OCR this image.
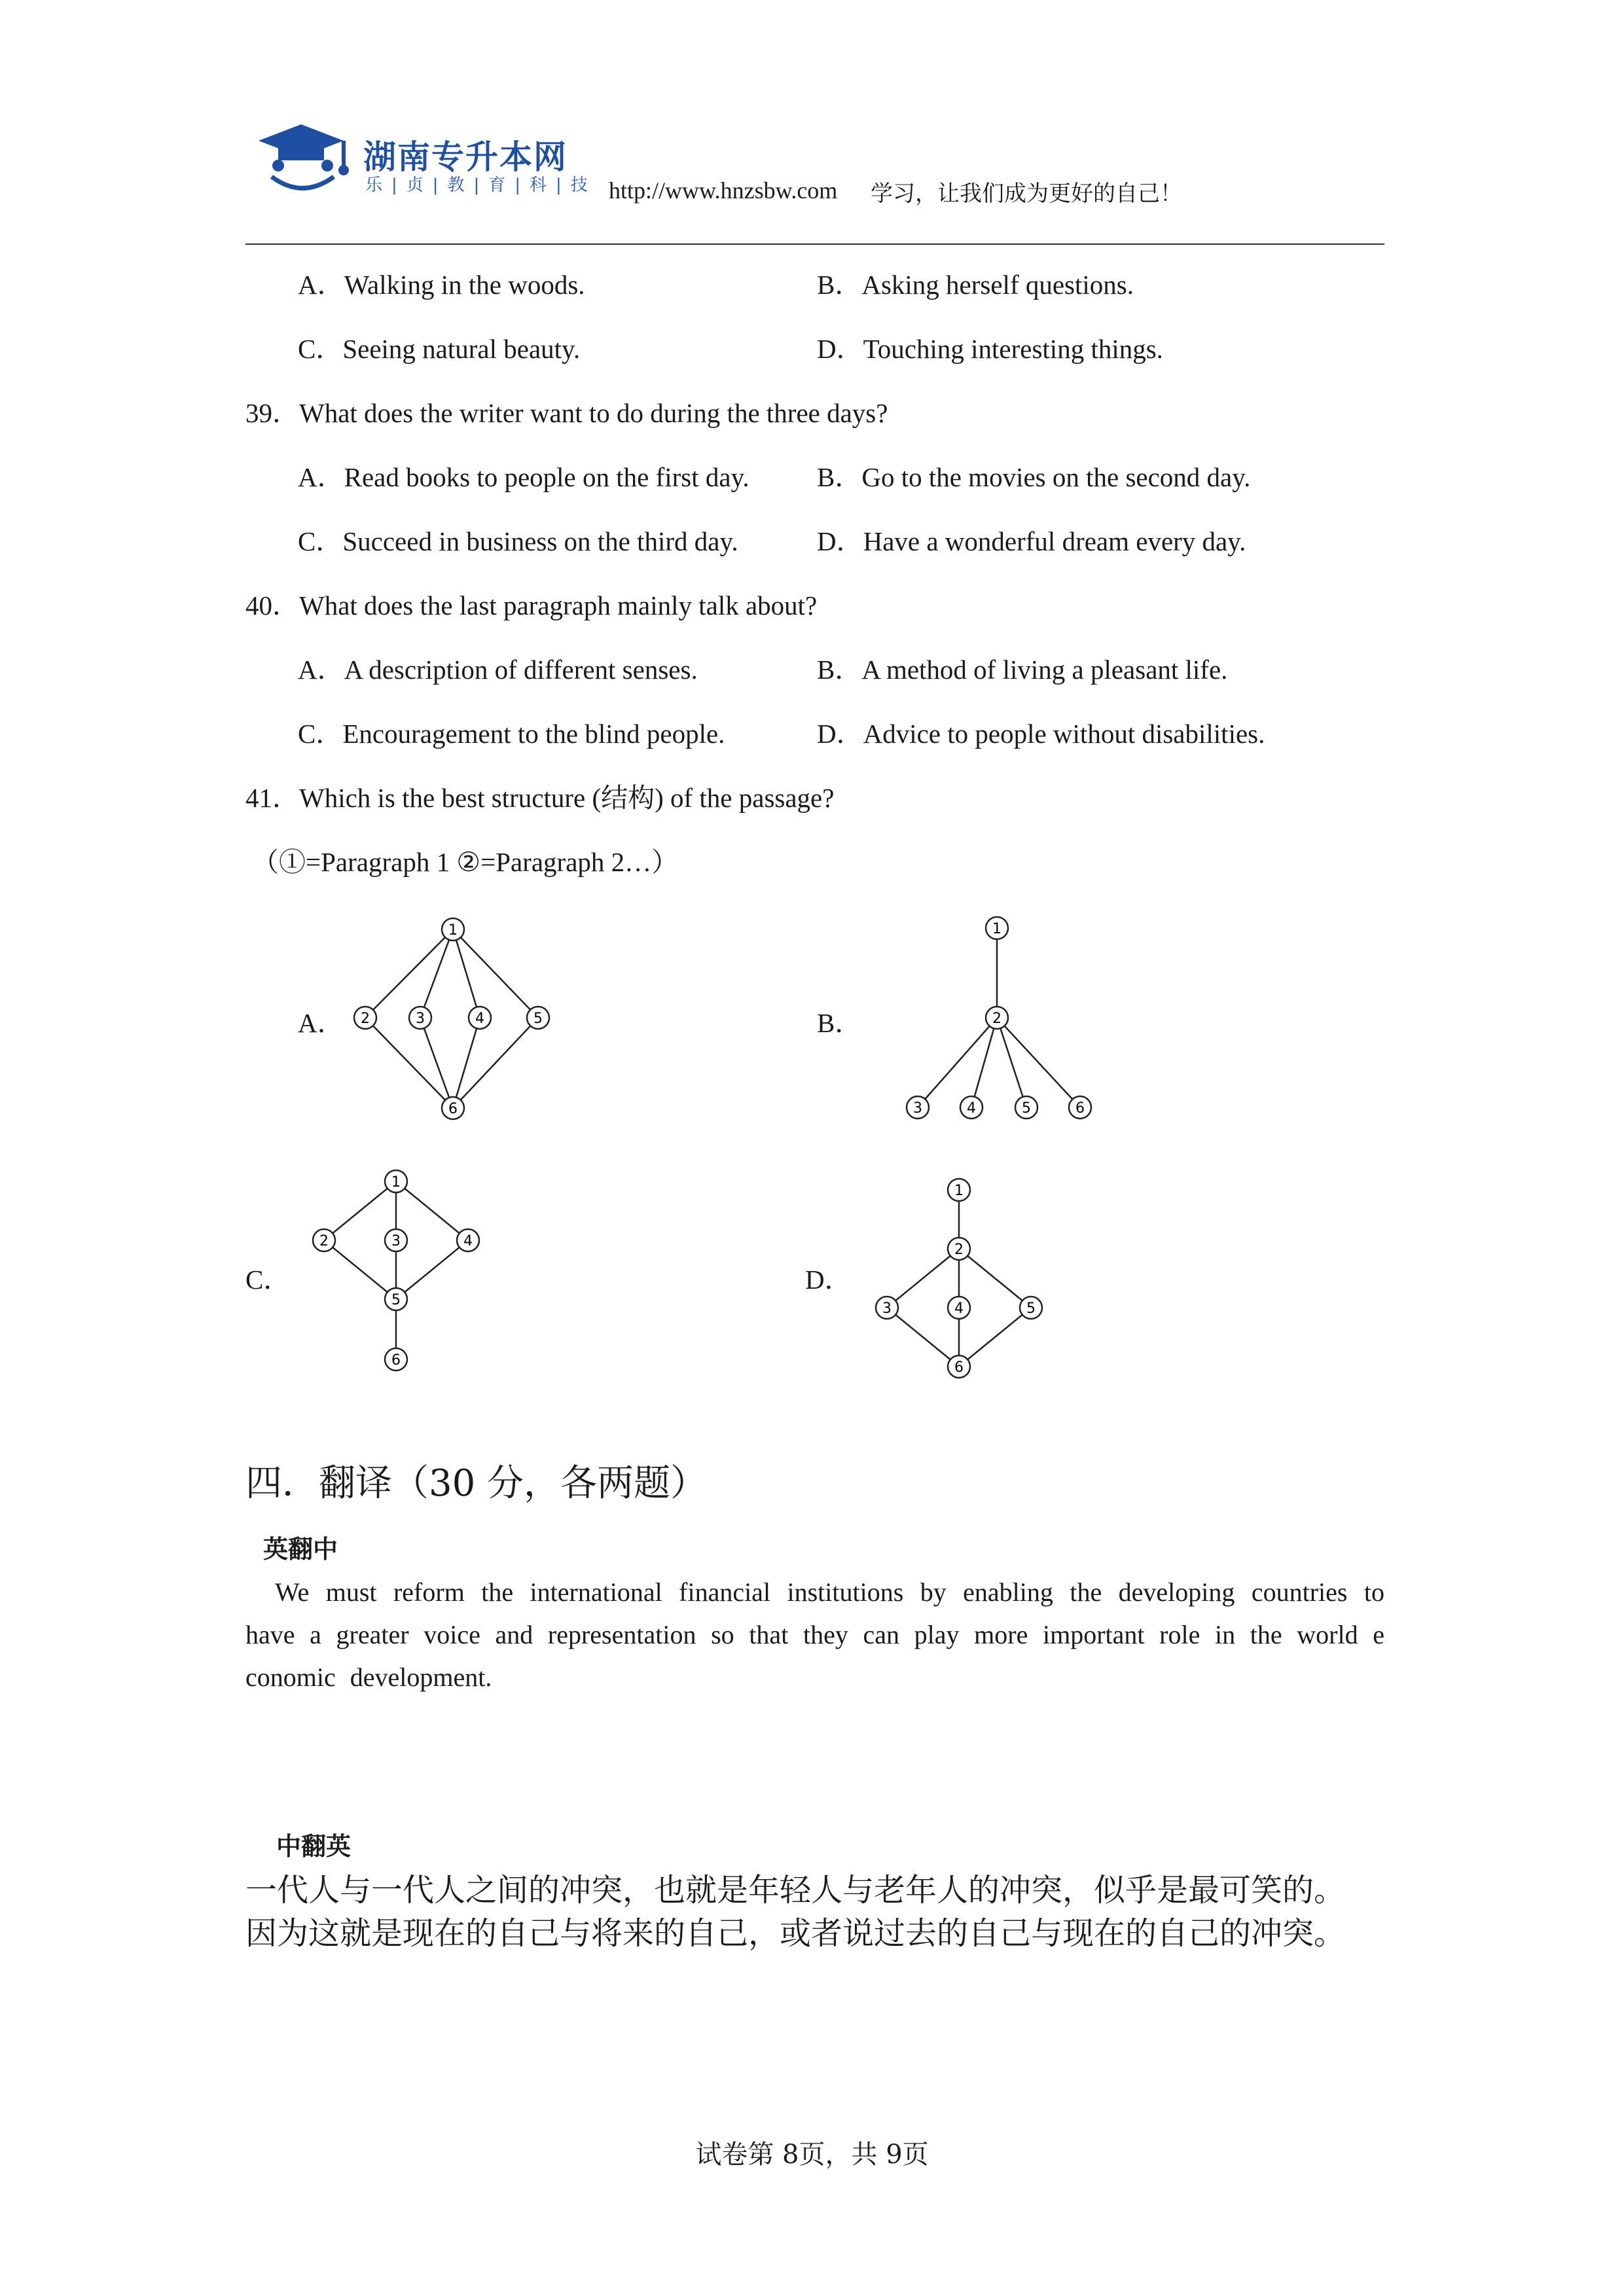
湖南专升本网
乐|贞|教|育|科|技 http://www.hnzsbw.com 学习，让我们成为更好的自己！
A．Walking in the woods.	B．Asking herself questions.
C．Seeing natural beauty.	D．Touching interesting things.
39．What does the writer want to do during the three days?
A．Read books to people on the first day.	B．Go to the movies on the second day.
C．Succeed in business on the third day.	D．Have a wonderful dream every day.
40．What does the last paragraph mainly talk about?
A．A description of different senses.	B．A method of living a pleasant life.
C．Encouragement to the blind people.	D．Advice to people without disabilities.
41．Which is the best structure (结构) of the passage?
（①=Paragraph 1 ②=Paragraph 2…）
A．	B．
C．	D．
1
2	3	4	5
6
1
2
3	4	5	6
1
2	3	4
5
6
1
2
3	4	5
6
四．翻译（30 分，各两题）
英翻中
We must reform the international financial institutions by enabling the developing countries to have a greater voice and representation so that they can play more important role in the world economic development.
中翻英
一代人与一代人之间的冲突，也就是年轻人与老年人的冲突，似乎是最可笑的。
因为这就是现在的自己与将来的自己，或者说过去的自己与现在的自己的冲突。
试卷第 8页，共 9页
